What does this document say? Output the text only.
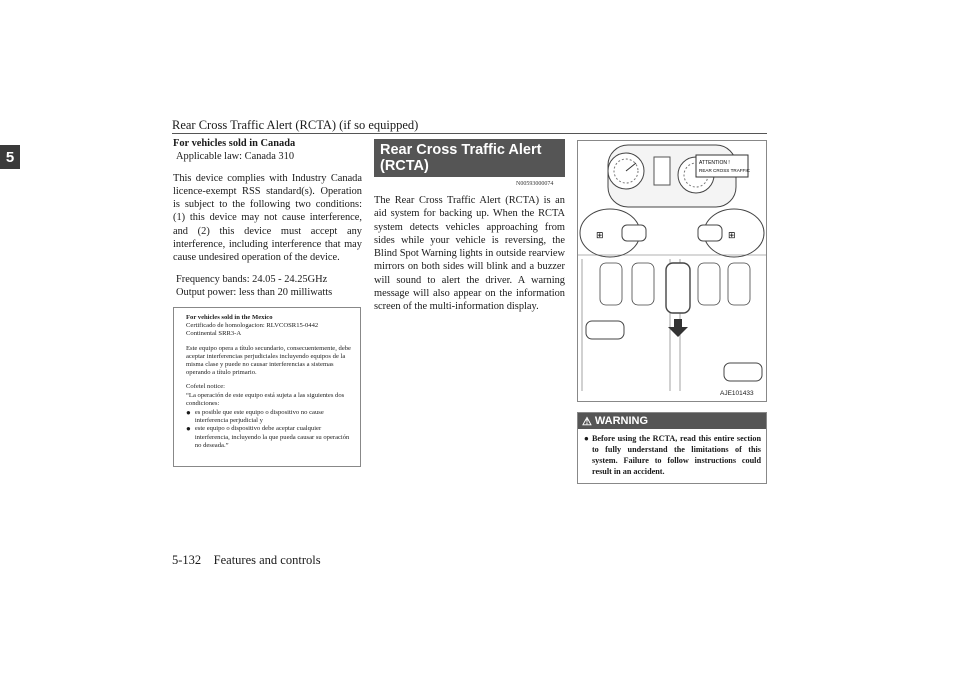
Rear Cross Traffic Alert (RCTA) (if so equipped)
5
For vehicles sold in Canada
Applicable law: Canada 310
This device complies with Industry Canada licence-exempt RSS standard(s). Operation is subject to the following two conditions: (1) this device may not cause interference, and (2) this device must accept any interference, including interference that may cause undesired operation of the device.
Frequency bands: 24.05 - 24.25GHz
Output power: less than 20 milliwatts

For vehicles sold in the Mexico

Certificado de homologacion: RLVCOSR15-0442

Continental SRR3-A

Este equipo opera a título secundario, consecuentemente, debe aceptar interferencias perjudiciales incluyendo equipos de la misma clase y puede no causar interferencias a sistemas operando a título primario.

Cofetel notice:

“La operación de este equipo está sujeta a las siguientes dos condiciones:

● es posible que este equipo o dispositivo no cause interferencia perjudicial y
● este equipo o dispositivo debe aceptar cualquier interferencia, incluyendo la que pueda causar su operación no deseada.”
Rear Cross Traffic Alert (RCTA)
(if so equipped)	N00593000074
The Rear Cross Traffic Alert (RCTA) is an aid system for backing up. When the RCTA system detects vehicles approaching from sides while your vehicle is reversing, the Blind Spot Warning lights in outside rearview mirrors on both sides will blink and a buzzer will sound to alert the driver. A warning message will also appear on the information screen of the multi-information display.
ATTENTION !
REAR CROSS TRAFFIC
⊞	⊞
AJE101433
⚠ WARNING
● Before using the RCTA, read this entire section to fully understand the limitations of this system. Failure to follow instructions could result in an accident.
5-132    Features and controls
